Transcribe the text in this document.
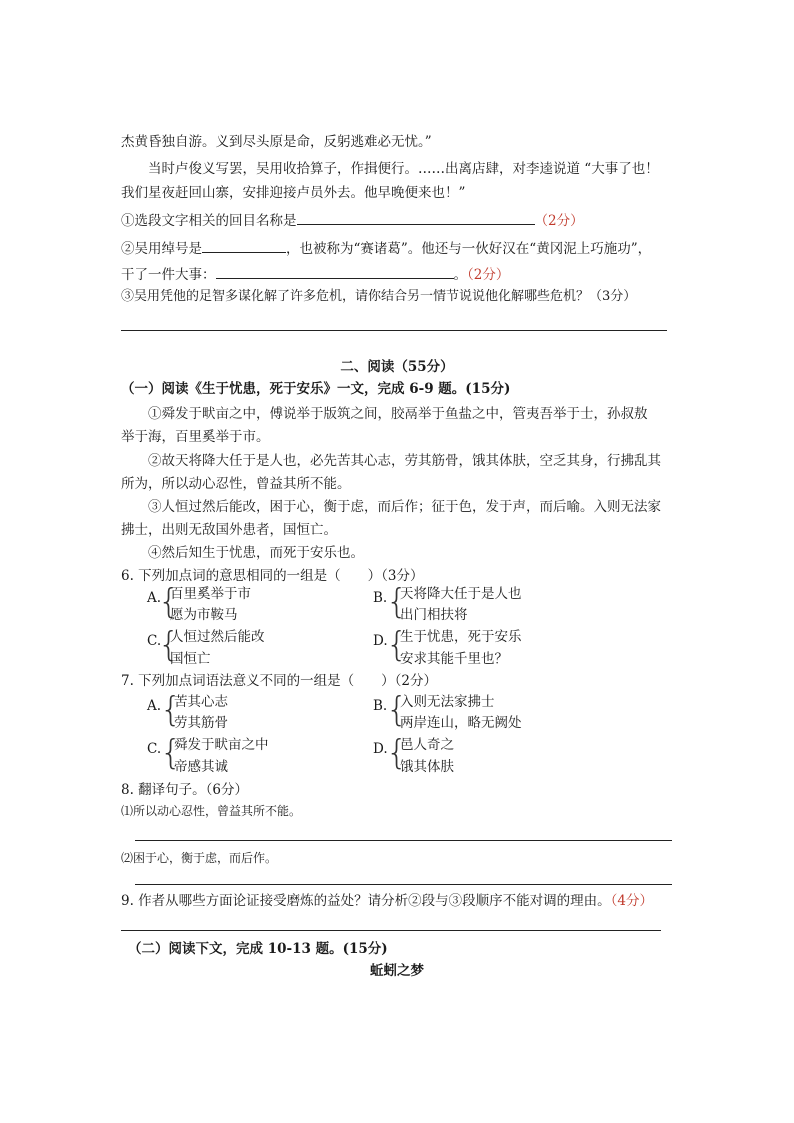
杰黄昏独自游。义到尽头原是命，反躬逃难必无忧。”
当时卢俊义写罢，吴用收拾算子，作揖便行。……出离店肆，对李逵说道 “大事了也！
我们星夜赶回山寨，安排迎接卢员外去。他早晚便来也！”
①选段文字相关的回目名称是	（2分）
②吴用绰号是	，也被称为“赛诸葛”。他还与一伙好汉在“黄冈泥上巧施功”，
干了一件大事：	。（2分）
③吴用凭他的足智多谋化解了许多危机，请你结合另一情节说说他化解哪些危机？（3分）
二、阅读（55分）
（一）阅读《生于忧患，死于安乐》一文，完成 6-9 题。(15分)
①舜发于畎亩之中，傅说举于版筑之间，胶鬲举于鱼盐之中，管夷吾举于士，孙叔敖
举于海，百里奚举于市。
②故天将降大任于是人也，必先苦其心志，劳其筋骨，饿其体肤，空乏其身，行拂乱其
所为，所以动心忍性，曾益其所不能。
③人恒过然后能改，困于心，衡于虑，而后作；征于色，发于声，而后喻。入则无法家
拂士，出则无敌国外患者，国恒亡。
④然后知生于忧患，而死于安乐也。
6. 下列加点词的意思相同的一组是（　　）（3分）
A.
{
百里奚举于市
愿为市鞍马
B.
{
天将降大任于是人也
出门相扶将
C.
{
人恒过然后能改
国恒亡
D.
{
生于忧患，死于安乐
安求其能千里也？
7. 下列加点词语法意义不同的一组是（　　）（2分）
A.
{
苦其心志
劳其筋骨
B.
{
入则无法家拂士
两岸连山，略无阙处
C.
{
舜发于畎亩之中
帝感其诚
D.
{
邑人奇之
饿其体肤
8. 翻译句子。（6分）
⑴所以动心忍性，曾益其所不能。
⑵困于心，衡于虑，而后作。
9. 作者从哪些方面论证接受磨炼的益处？请分析②段与③段顺序不能对调的理由。（4分）
（二）阅读下文，完成 10-13 题。(15分)
蚯蚓之梦
